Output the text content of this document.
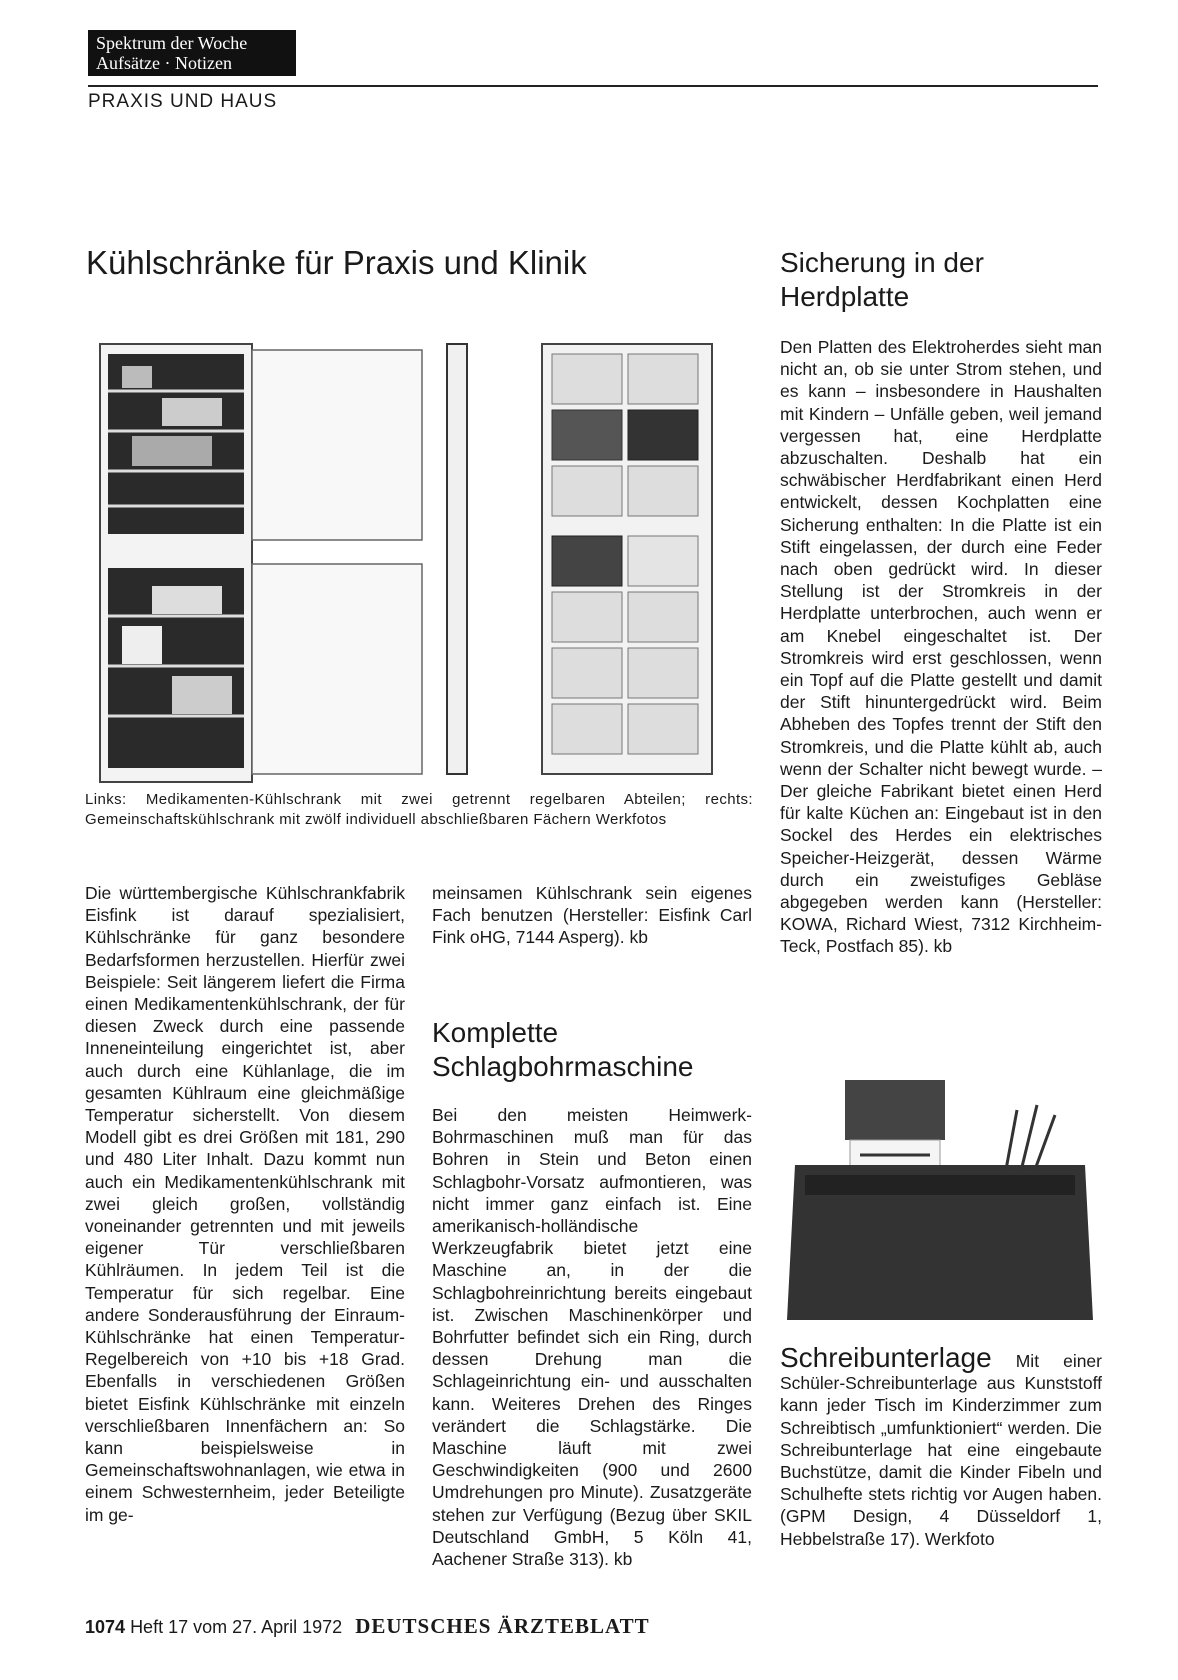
Spektrum der Woche
Aufsätze · Notizen
PRAXIS UND HAUS
Kühlschränke für Praxis und Klinik	Sicherung in der Herdplatte
Links: Medikamenten-Kühlschrank mit zwei getrennt regelbaren Abteilen; rechts: Gemeinschaftskühlschrank mit zwölf individuell abschließbaren Fächern Werkfotos
Die württembergische Kühlschrankfabrik Eisfink ist darauf spezialisiert, Kühlschränke für ganz besondere Bedarfsformen herzustellen. Hierfür zwei Beispiele: Seit längerem liefert die Firma einen Medikamentenkühlschrank, der für diesen Zweck durch eine passende Inneneinteilung eingerichtet ist, aber auch durch eine Kühlanlage, die im gesamten Kühlraum eine gleichmäßige Temperatur sicherstellt. Von diesem Modell gibt es drei Größen mit 181, 290 und 480 Liter Inhalt. Dazu kommt nun auch ein Medikamentenkühlschrank mit zwei gleich großen, vollständig voneinander getrennten und mit jeweils eigener Tür verschließbaren Kühlräumen. In jedem Teil ist die Temperatur für sich regelbar. Eine andere Sonderausführung der Einraum-Kühlschränke hat einen Temperatur-Regelbereich von +10 bis +18 Grad. Ebenfalls in verschiedenen Größen bietet Eisfink Kühlschränke mit einzeln verschließbaren Innenfächern an: So kann beispielsweise in Gemeinschaftswohnanlagen, wie etwa in einem Schwesternheim, jeder Beteiligte im ge-
meinsamen Kühlschrank sein eigenes Fach benutzen (Hersteller: Eisfink Carl Fink oHG, 7144 Asperg). kb
Komplette Schlagbohrmaschine
Bei den meisten Heimwerk-Bohrmaschinen muß man für das Bohren in Stein und Beton einen Schlagbohr-Vorsatz aufmontieren, was nicht immer ganz einfach ist. Eine amerikanisch-holländische Werkzeugfabrik bietet jetzt eine Maschine an, in der die Schlagbohreinrichtung bereits eingebaut ist. Zwischen Maschinenkörper und Bohrfutter befindet sich ein Ring, durch dessen Drehung man die Schlageinrichtung ein- und ausschalten kann. Weiteres Drehen des Ringes verändert die Schlagstärke. Die Maschine läuft mit zwei Geschwindigkeiten (900 und 2600 Umdrehungen pro Minute). Zusatzgeräte stehen zur Verfügung (Bezug über SKIL Deutschland GmbH, 5 Köln 41, Aachener Straße 313). kb
Den Platten des Elektroherdes sieht man nicht an, ob sie unter Strom stehen, und es kann – insbesondere in Haushalten mit Kindern – Unfälle geben, weil jemand vergessen hat, eine Herdplatte abzuschalten. Deshalb hat ein schwäbischer Herdfabrikant einen Herd entwickelt, dessen Kochplatten eine Sicherung enthalten: In die Platte ist ein Stift eingelassen, der durch eine Feder nach oben gedrückt wird. In dieser Stellung ist der Stromkreis in der Herdplatte unterbrochen, auch wenn er am Knebel eingeschaltet ist. Der Stromkreis wird erst geschlossen, wenn ein Topf auf die Platte gestellt und damit der Stift hinuntergedrückt wird. Beim Abheben des Topfes trennt der Stift den Stromkreis, und die Platte kühlt ab, auch wenn der Schalter nicht bewegt wurde. – Der gleiche Fabrikant bietet einen Herd für kalte Küchen an: Eingebaut ist in den Sockel des Herdes ein elektrisches Speicher-Heizgerät, dessen Wärme durch ein zweistufiges Gebläse abgegeben werden kann (Hersteller: KOWA, Richard Wiest, 7312 Kirchheim-Teck, Postfach 85). kb
Schreibunterlage Mit einer Schüler-Schreibunterlage aus Kunststoff kann jeder Tisch im Kinderzimmer zum Schreibtisch „umfunktioniert“ werden. Die Schreibunterlage hat eine eingebaute Buchstütze, damit die Kinder Fibeln und Schulhefte stets richtig vor Augen haben. (GPM Design, 4 Düsseldorf 1, Hebbelstraße 17). Werkfoto
1074 Heft 17 vom 27. April 1972 DEUTSCHES ÄRZTEBLATT
